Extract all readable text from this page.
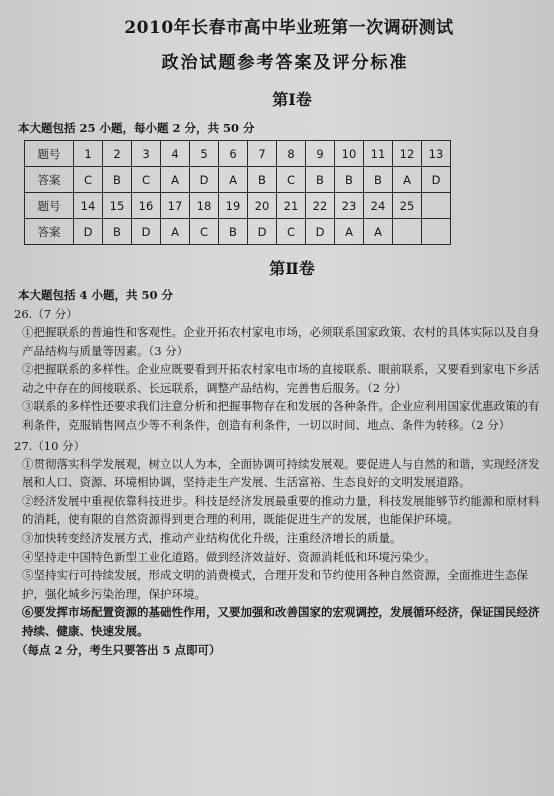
2010年长春市高中毕业班第一次调研测试
政治试题参考答案及评分标准
第Ⅰ卷
本大题包括 25 小题，每小题 2 分，共 50 分
题号	1	2	3	4	5	6	7	8	9	10	11	12	13
答案	C	B	C	A	D	A	B	C	B	B	B	A	D
题号	14	15	16	17	18	19	20	21	22	23	24	25	
答案	D	B	D	A	C	B	D	C	D	A	A		
第Ⅱ卷
本大题包括 4 小题，共 50 分
26.（7 分）

①把握联系的普遍性和客观性。企业开拓农村家电市场，必须联系国家政策、农村的具体实际以及自身产品结构与质量等因素。（3 分）

②把握联系的多样性。企业应既要看到开拓农村家电市场的直接联系、眼前联系，又要看到家电下乡活动之中存在的间接联系、长远联系，调整产品结构，完善售后服务。（2 分）

③联系的多样性还要求我们注意分析和把握事物存在和发展的各种条件。企业应利用国家优惠政策的有利条件，克服销售网点少等不利条件，创造有利条件，一切以时间、地点、条件为转移。（2 分）

27.（10 分）

①贯彻落实科学发展观，树立以人为本，全面协调可持续发展观。要促进人与自然的和谐，实现经济发展和人口、资源、环境相协调，坚持走生产发展、生活富裕、生态良好的文明发展道路。

②经济发展中重视依靠科技进步。科技是经济发展最重要的推动力量，科技发展能够节约能源和原材料的消耗，使有限的自然资源得到更合理的利用，既能促进生产的发展，也能保护环境。

③加快转变经济发展方式，推动产业结构优化升级，注重经济增长的质量。

④坚持走中国特色新型工业化道路。做到经济效益好、资源消耗低和环境污染少。

⑤坚持实行可持续发展，形成文明的消费模式，合理开发和节约使用各种自然资源，全面推进生态保护，强化城乡污染治理，保护环境。

⑥要发挥市场配置资源的基础性作用，又要加强和改善国家的宏观调控，发展循环经济，保证国民经济持续、健康、快速发展。

（每点 2 分，考生只要答出 5 点即可）
